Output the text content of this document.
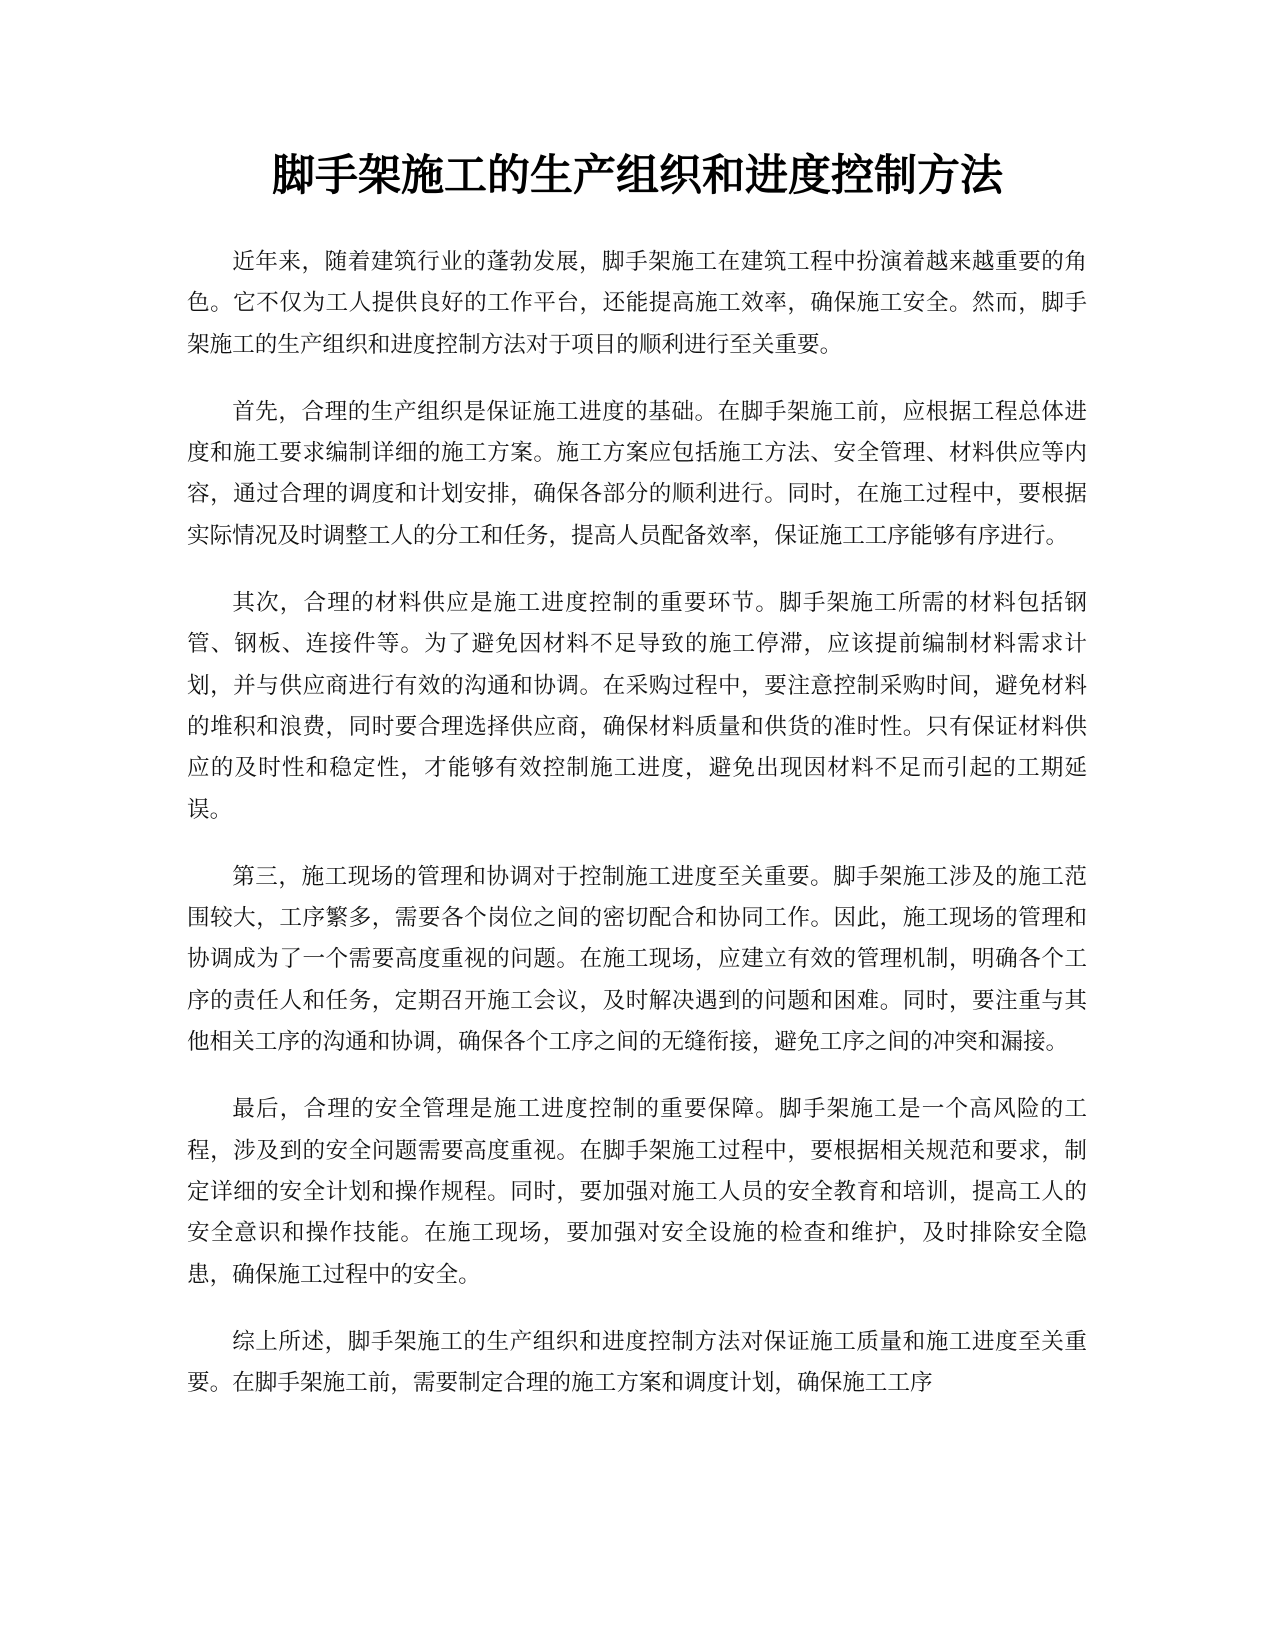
脚手架施工的生产组织和进度控制方法

近年来，随着建筑行业的蓬勃发展，脚手架施工在建筑工程中扮演着越来越重要的角色。它不仅为工人提供良好的工作平台，还能提高施工效率，确保施工安全。然而，脚手架施工的生产组织和进度控制方法对于项目的顺利进行至关重要。

首先，合理的生产组织是保证施工进度的基础。在脚手架施工前，应根据工程总体进度和施工要求编制详细的施工方案。施工方案应包括施工方法、安全管理、材料供应等内容，通过合理的调度和计划安排，确保各部分的顺利进行。同时，在施工过程中，要根据实际情况及时调整工人的分工和任务，提高人员配备效率，保证施工工序能够有序进行。

其次，合理的材料供应是施工进度控制的重要环节。脚手架施工所需的材料包括钢管、钢板、连接件等。为了避免因材料不足导致的施工停滞，应该提前编制材料需求计划，并与供应商进行有效的沟通和协调。在采购过程中，要注意控制采购时间，避免材料的堆积和浪费，同时要合理选择供应商，确保材料质量和供货的准时性。只有保证材料供应的及时性和稳定性，才能够有效控制施工进度，避免出现因材料不足而引起的工期延误。

第三，施工现场的管理和协调对于控制施工进度至关重要。脚手架施工涉及的施工范围较大，工序繁多，需要各个岗位之间的密切配合和协同工作。因此，施工现场的管理和协调成为了一个需要高度重视的问题。在施工现场，应建立有效的管理机制，明确各个工序的责任人和任务，定期召开施工会议，及时解决遇到的问题和困难。同时，要注重与其他相关工序的沟通和协调，确保各个工序之间的无缝衔接，避免工序之间的冲突和漏接。

最后，合理的安全管理是施工进度控制的重要保障。脚手架施工是一个高风险的工程，涉及到的安全问题需要高度重视。在脚手架施工过程中，要根据相关规范和要求，制定详细的安全计划和操作规程。同时，要加强对施工人员的安全教育和培训，提高工人的安全意识和操作技能。在施工现场，要加强对安全设施的检查和维护，及时排除安全隐患，确保施工过程中的安全。

综上所述，脚手架施工的生产组织和进度控制方法对保证施工质量和施工进度至关重要。在脚手架施工前，需要制定合理的施工方案和调度计划，确保施工工序
